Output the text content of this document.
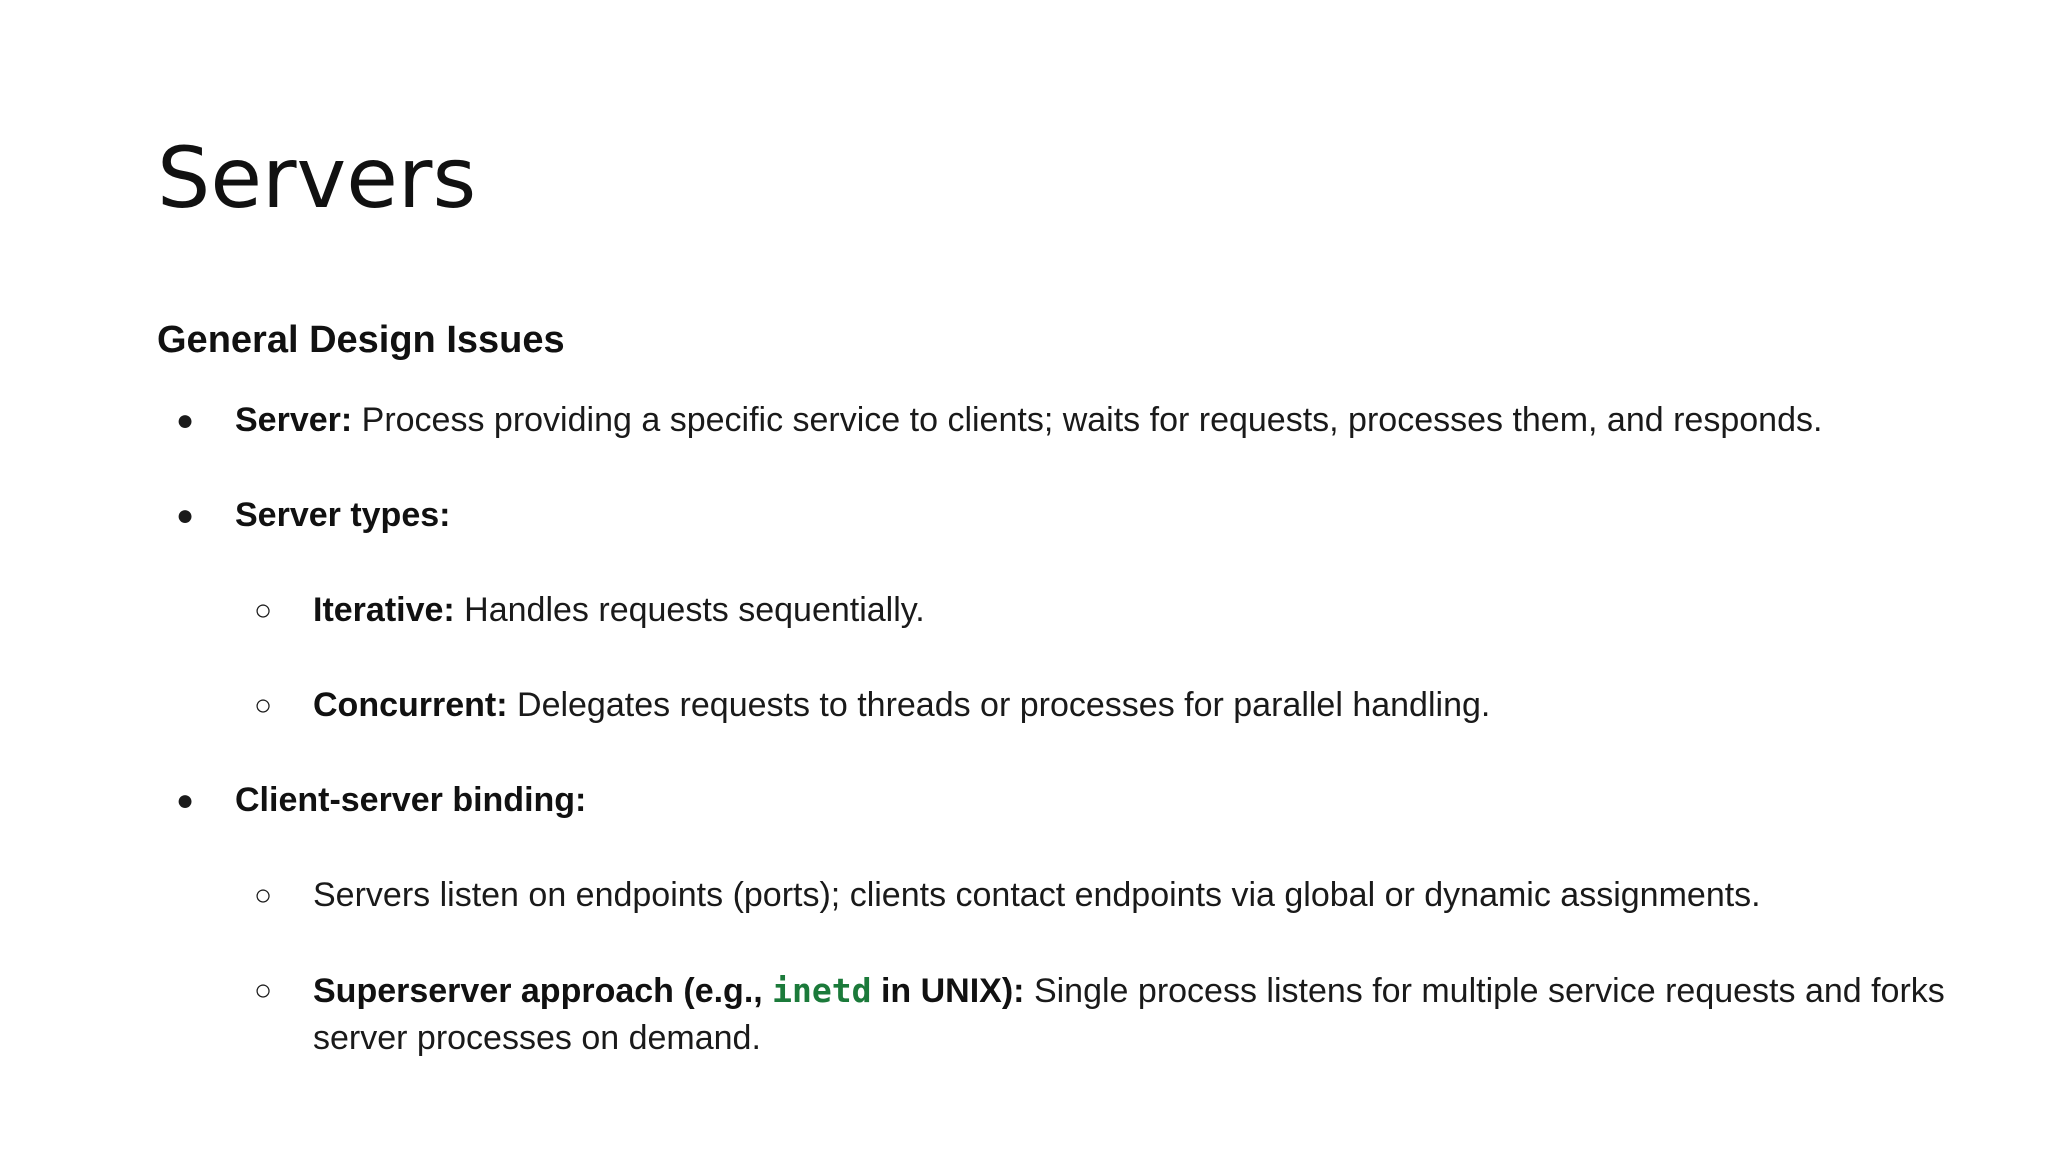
Servers
General Design Issues
●	Server: Process providing a specific service to clients; waits for requests, processes them, and responds.
●	Server types:
○	Iterative: Handles requests sequentially.
○	Concurrent: Delegates requests to threads or processes for parallel handling.
●	Client-server binding:
○	Servers listen on endpoints (ports); clients contact endpoints via global or dynamic assignments.
○	Superserver approach (e.g., inetd in UNIX): Single process listens for multiple service requests and forks server processes on demand.
